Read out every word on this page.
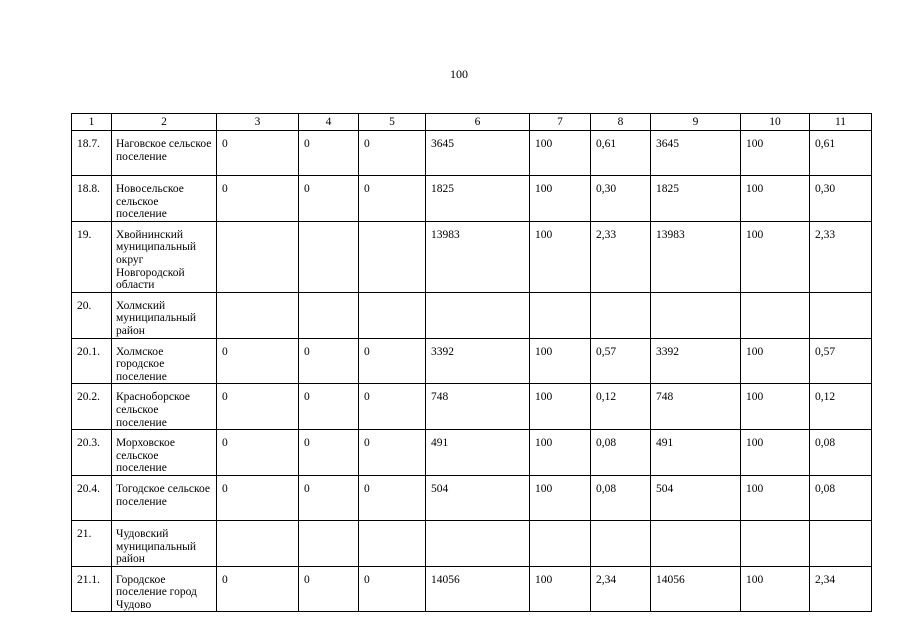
100
1	2	3	4	5	6	7	8	9	10	11
18.7.	Наговское сельское поселение	0	0	0	3645	100	0,61	3645	100	0,61
18.8.	Новосельское сельское поселение	0	0	0	1825	100	0,30	1825	100	0,30
19.	Хвойнинский муниципальный округ Новгородской области				13983	100	2,33	13983	100	2,33
20.	Холмский муниципальный район									
20.1.	Холмское городское поселение	0	0	0	3392	100	0,57	3392	100	0,57
20.2.	Красноборское сельское поселение	0	0	0	748	100	0,12	748	100	0,12
20.3.	Морховское сельское поселение	0	0	0	491	100	0,08	491	100	0,08
20.4.	Тогодское сельское поселение	0	0	0	504	100	0,08	504	100	0,08
21.	Чудовский муниципальный район									
21.1.	Городское поселение город Чудово	0	0	0	14056	100	2,34	14056	100	2,34
